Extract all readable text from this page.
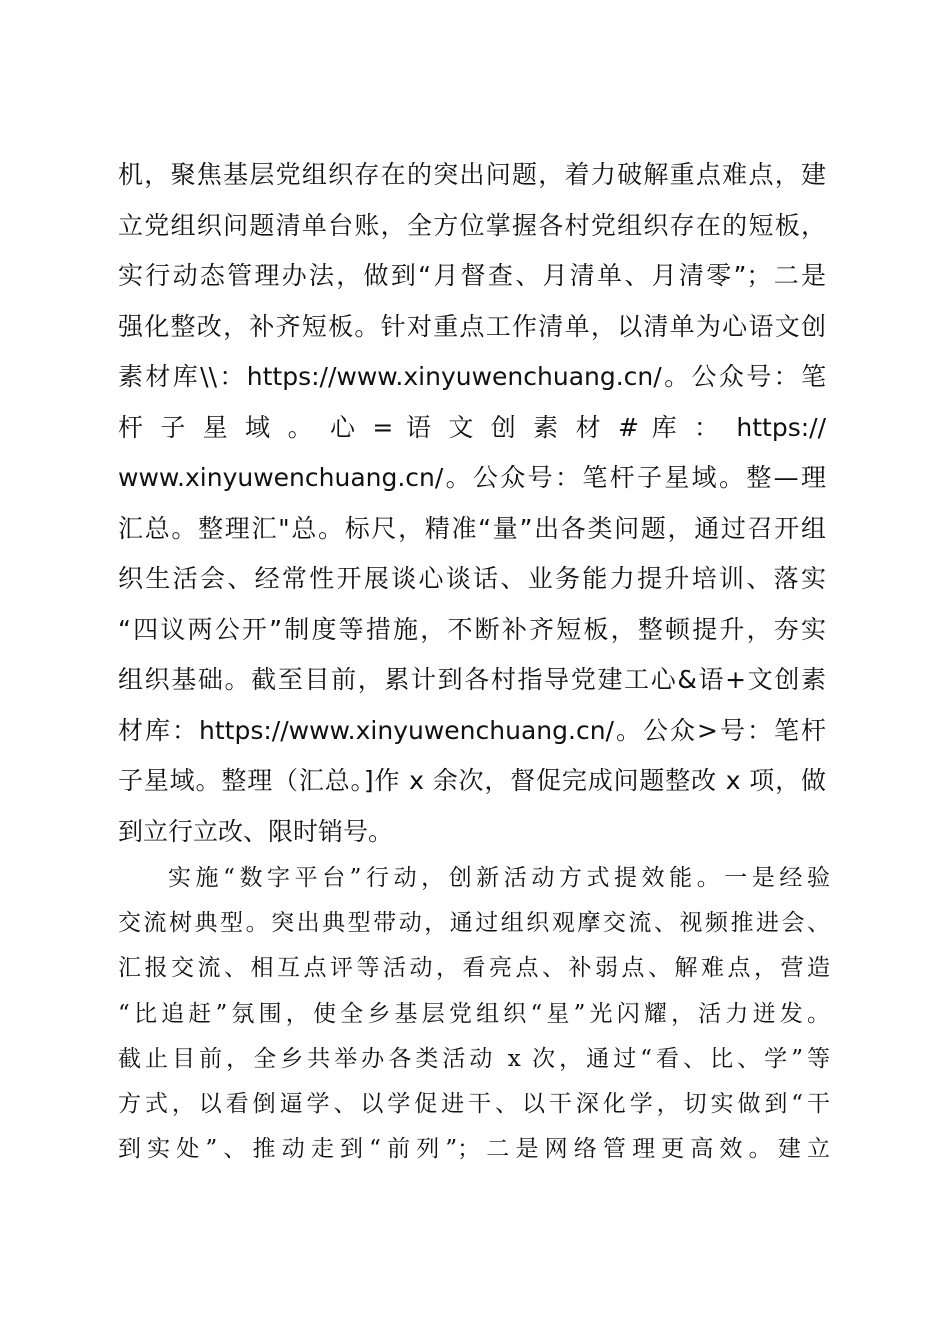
机，聚焦基层党组织存在的突出问题，着力破解重点难点，建
立党组织问题清单台账，全方位掌握各村党组织存在的短板，
实行动态管理办法，做到“月督查、月清单、月清零”；二是
强化整改，补齐短板。针对重点工作清单，以清单为心语文创
素材库\\：https://www.xinyuwenchuang.cn/。公众号：笔
杆 子 星 域 。 心 = 语 文 创 素 材 # 库 ： https://
www.xinyuwenchuang.cn/。公众号：笔杆子星域。整—理
汇总。整理汇"总。标尺，精准“量”出各类问题，通过召开组
织生活会、经常性开展谈心谈话、业务能力提升培训、落实
“四议两公开”制度等措施，不断补齐短板，整顿提升，夯实
组织基础。截至目前，累计到各村指导党建工心&语+文创素
材库：https://www.xinyuwenchuang.cn/。公众>号：笔杆
子星域。整理（汇总。]作 x 余次，督促完成问题整改 x 项，做
到立行立改、限时销号。
实施“数字平台”行动，创新活动方式提效能。一是经验
交流树典型。突出典型带动，通过组织观摩交流、视频推进会、
汇报交流、相互点评等活动，看亮点、补弱点、解难点，营造
“比追赶”氛围，使全乡基层党组织“星”光闪耀，活力迸发。
截止目前，全乡共举办各类活动 x 次，通过“看、比、学”等
方式，以看倒逼学、以学促进干、以干深化学，切实做到“干
到实处”、推动走到“前列”；二是网络管理更高效。建立
